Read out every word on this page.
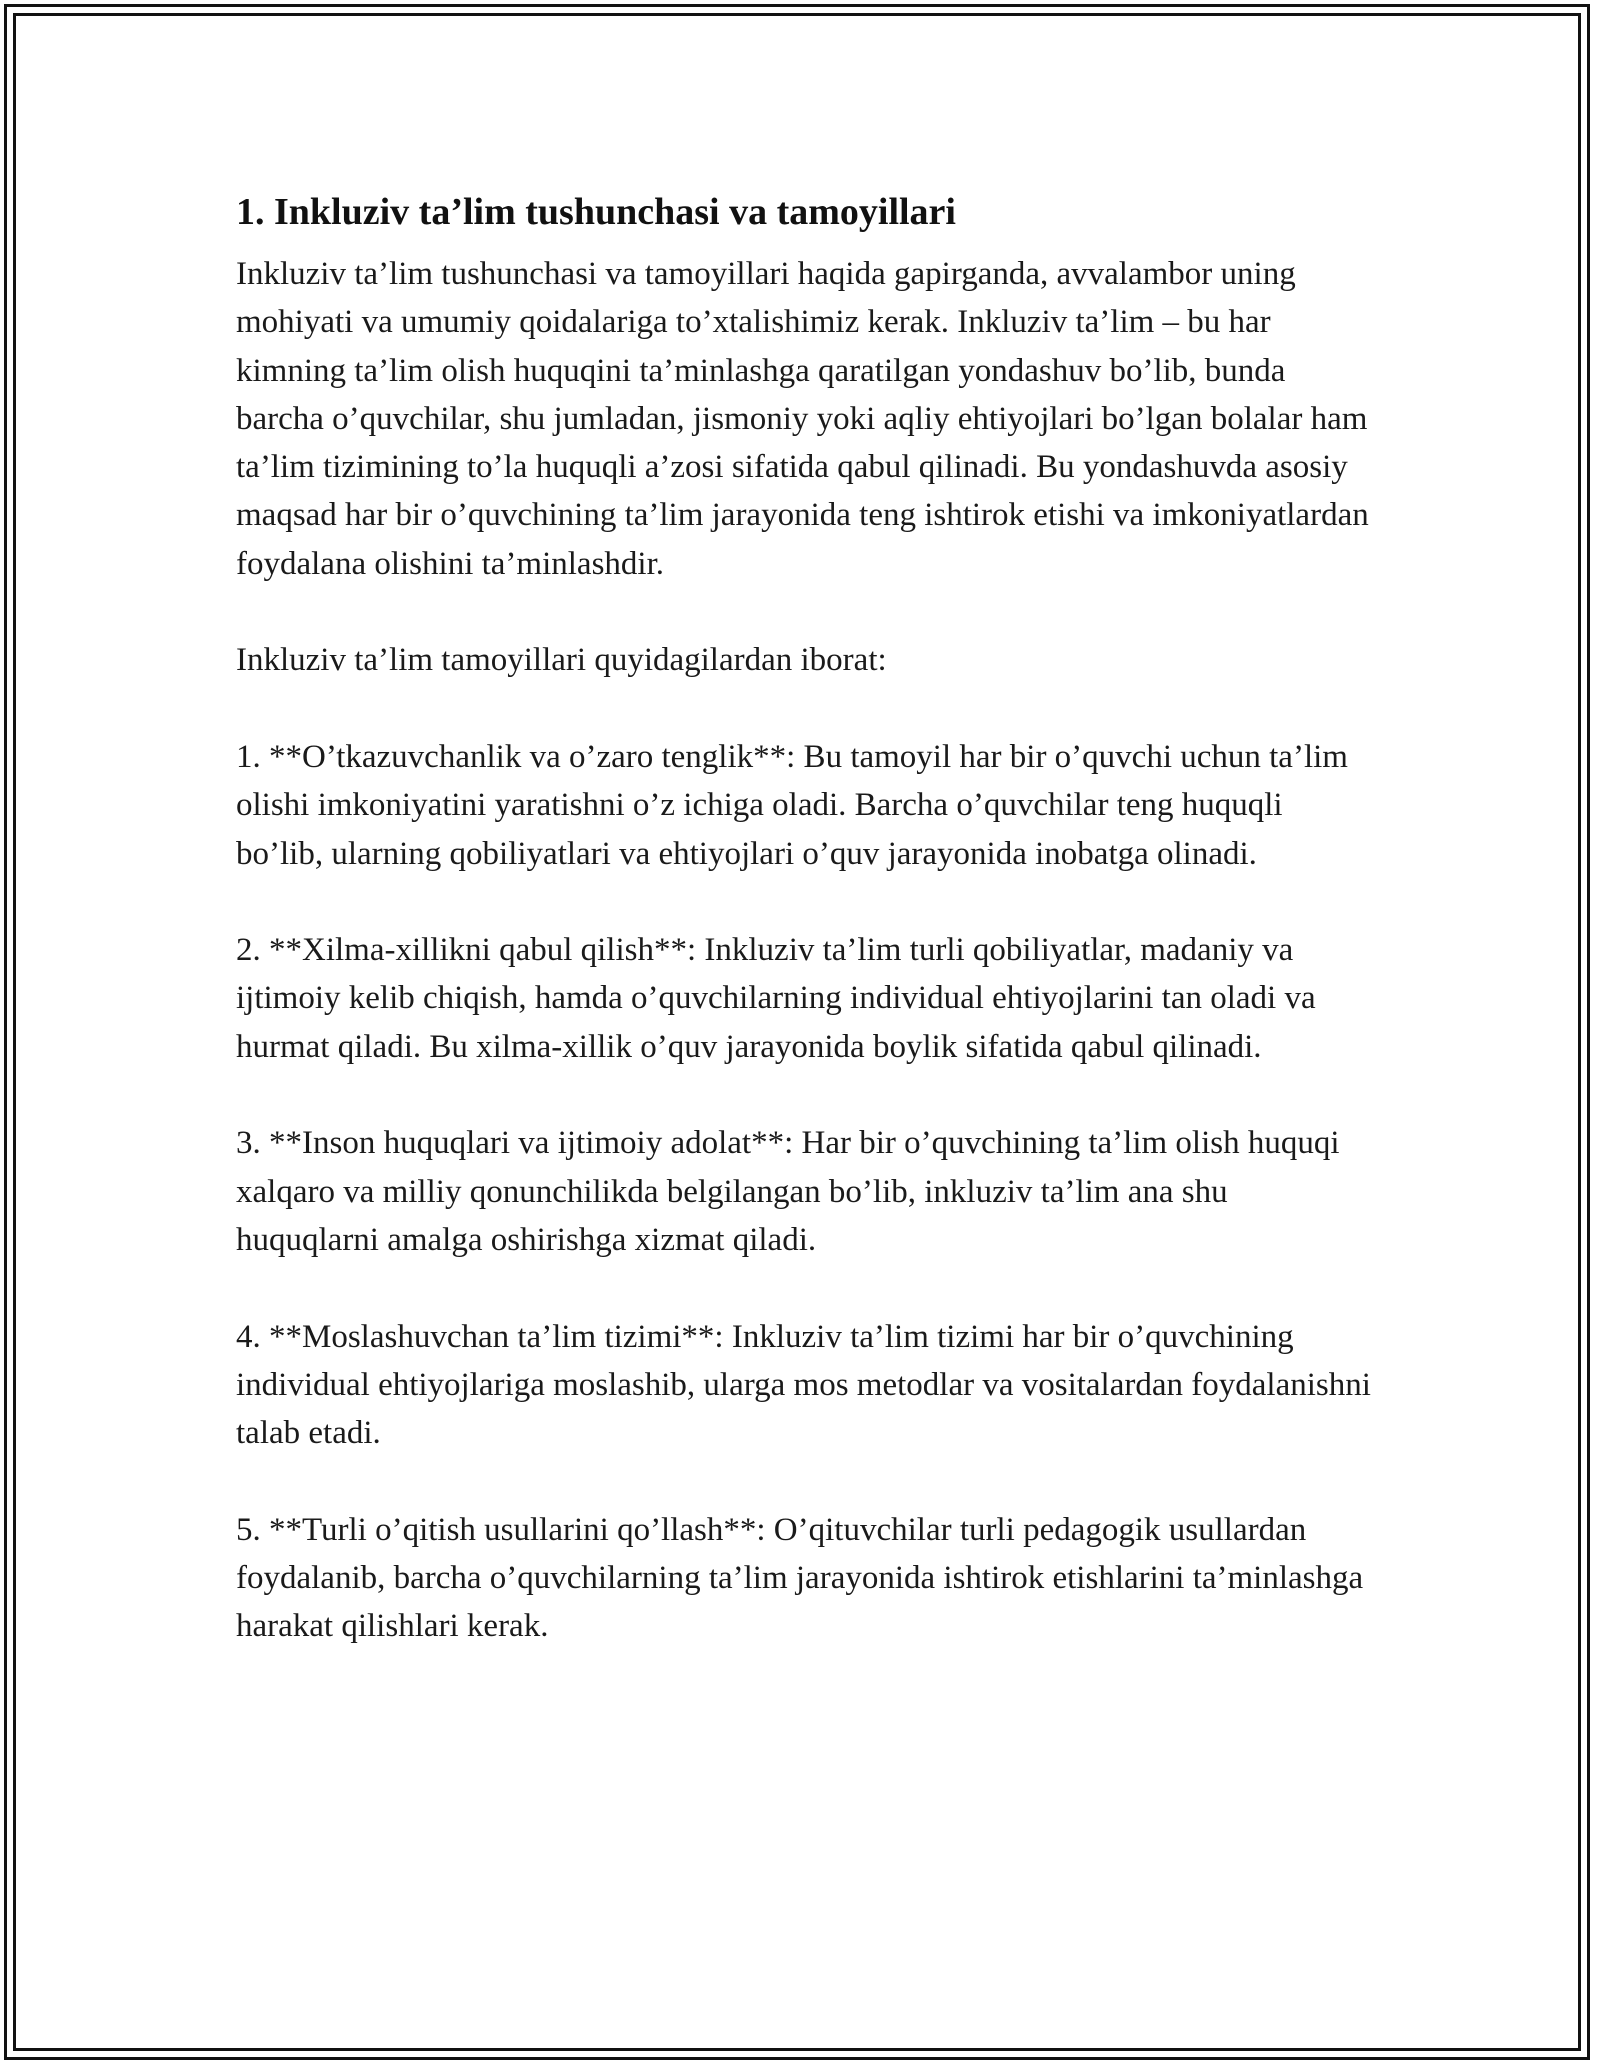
1. Inkluziv ta’lim tushunchasi va tamoyillari

Inkluziv ta’lim tushunchasi va tamoyillari haqida gapirganda, avvalambor uning mohiyati va umumiy qoidalariga to’xtalishimiz kerak. Inkluziv ta’lim – bu har kimning ta’lim olish huquqini ta’minlashga qaratilgan yondashuv bo’lib, bunda barcha o’quvchilar, shu jumladan, jismoniy yoki aqliy ehtiyojlari bo’lgan bolalar ham ta’lim tizimining to’la huquqli a’zosi sifatida qabul qilinadi. Bu yondashuvda asosiy maqsad har bir o’quvchining ta’lim jarayonida teng ishtirok etishi va imkoniyatlardan foydalana olishini ta’minlashdir.

Inkluziv ta’lim tamoyillari quyidagilardan iborat:

1. **O’tkazuvchanlik va o’zaro tenglik**: Bu tamoyil har bir o’quvchi uchun ta’lim olishi imkoniyatini yaratishni o’z ichiga oladi. Barcha o’quvchilar teng huquqli bo’lib, ularning qobiliyatlari va ehtiyojlari o’quv jarayonida inobatga olinadi.

2. **Xilma-xillikni qabul qilish**: Inkluziv ta’lim turli qobiliyatlar, madaniy va ijtimoiy kelib chiqish, hamda o’quvchilarning individual ehtiyojlarini tan oladi va hurmat qiladi. Bu xilma-xillik o’quv jarayonida boylik sifatida qabul qilinadi.

3. **Inson huquqlari va ijtimoiy adolat**: Har bir o’quvchining ta’lim olish huquqi xalqaro va milliy qonunchilikda belgilangan bo’lib, inkluziv ta’lim ana shu huquqlarni amalga oshirishga xizmat qiladi.

4. **Moslashuvchan ta’lim tizimi**: Inkluziv ta’lim tizimi har bir o’quvchining individual ehtiyojlariga moslashib, ularga mos metodlar va vositalardan foydalanishni talab etadi.

5. **Turli o’qitish usullarini qo’llash**: O’qituvchilar turli pedagogik usullardan foydalanib, barcha o’quvchilarning ta’lim jarayonida ishtirok etishlarini ta’minlashga harakat qilishlari kerak.
